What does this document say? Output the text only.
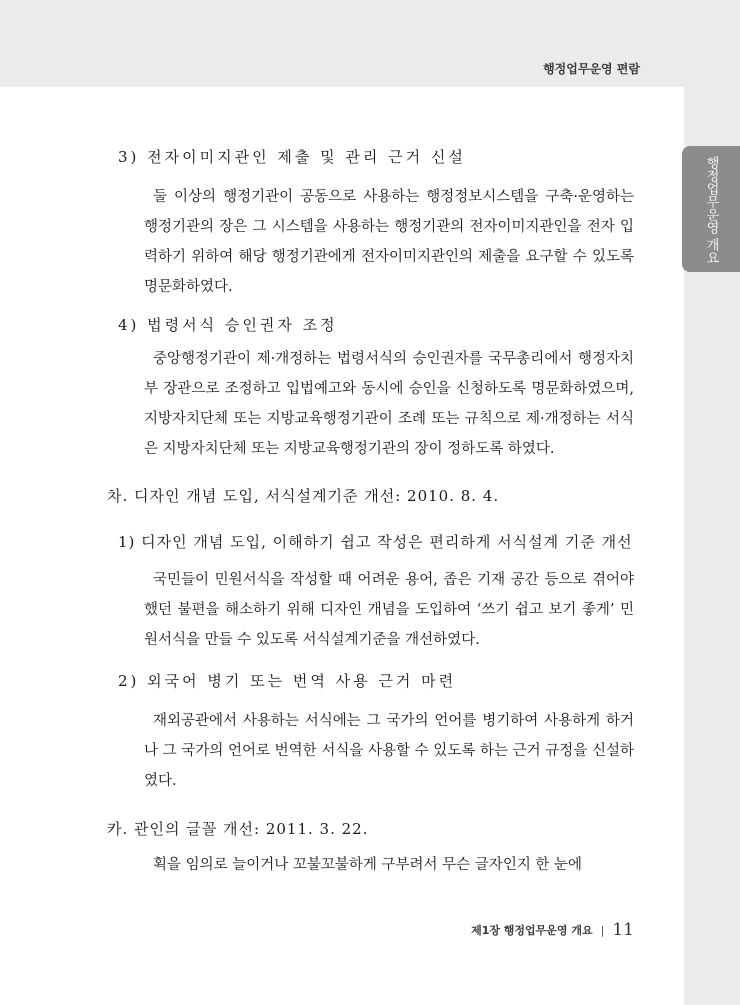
행정업무운영 편람
행정업무운영 개요
3) 전자이미지관인 제출 및 관리 근거 신설

둘 이상의 행정기관이 공동으로 사용하는 행정정보시스템을 구축·운영하는 행정기관의 장은 그 시스템을 사용하는 행정기관의 전자이미지관인을 전자 입력하기 위하여 해당 행정기관에게 전자이미지관인의 제출을 요구할 수 있도록 명문화하였다.

4) 법령서식 승인권자 조정

중앙행정기관이 제·개정하는 법령서식의 승인권자를 국무총리에서 행정자치부 장관으로 조정하고 입법예고와 동시에 승인을 신청하도록 명문화하였으며, 지방자치단체 또는 지방교육행정기관이 조례 또는 규칙으로 제·개정하는 서식은 지방자치단체 또는 지방교육행정기관의 장이 정하도록 하였다.

차. 디자인 개념 도입, 서식설계기준 개선: 2010. 8. 4.
1) 디자인 개념 도입, 이해하기 쉽고 작성은 편리하게 서식설계 기준 개선

국민들이 민원서식을 작성할 때 어려운 용어, 좁은 기재 공간 등으로 겪어야 했던 불편을 해소하기 위해 디자인 개념을 도입하여 ‘쓰기 쉽고 보기 좋게’ 민원서식을 만들 수 있도록 서식설계기준을 개선하였다.

2) 외국어 병기 또는 번역 사용 근거 마련

재외공관에서 사용하는 서식에는 그 국가의 언어를 병기하여 사용하게 하거나 그 국가의 언어로 번역한 서식을 사용할 수 있도록 하는 근거 규정을 신설하였다.

카. 관인의 글꼴 개선: 2011. 3. 22.

획을 임의로 늘이거나 꼬불꼬불하게 구부려서 무슨 글자인지 한 눈에

제1장 행정업무운영 개요 | 11
